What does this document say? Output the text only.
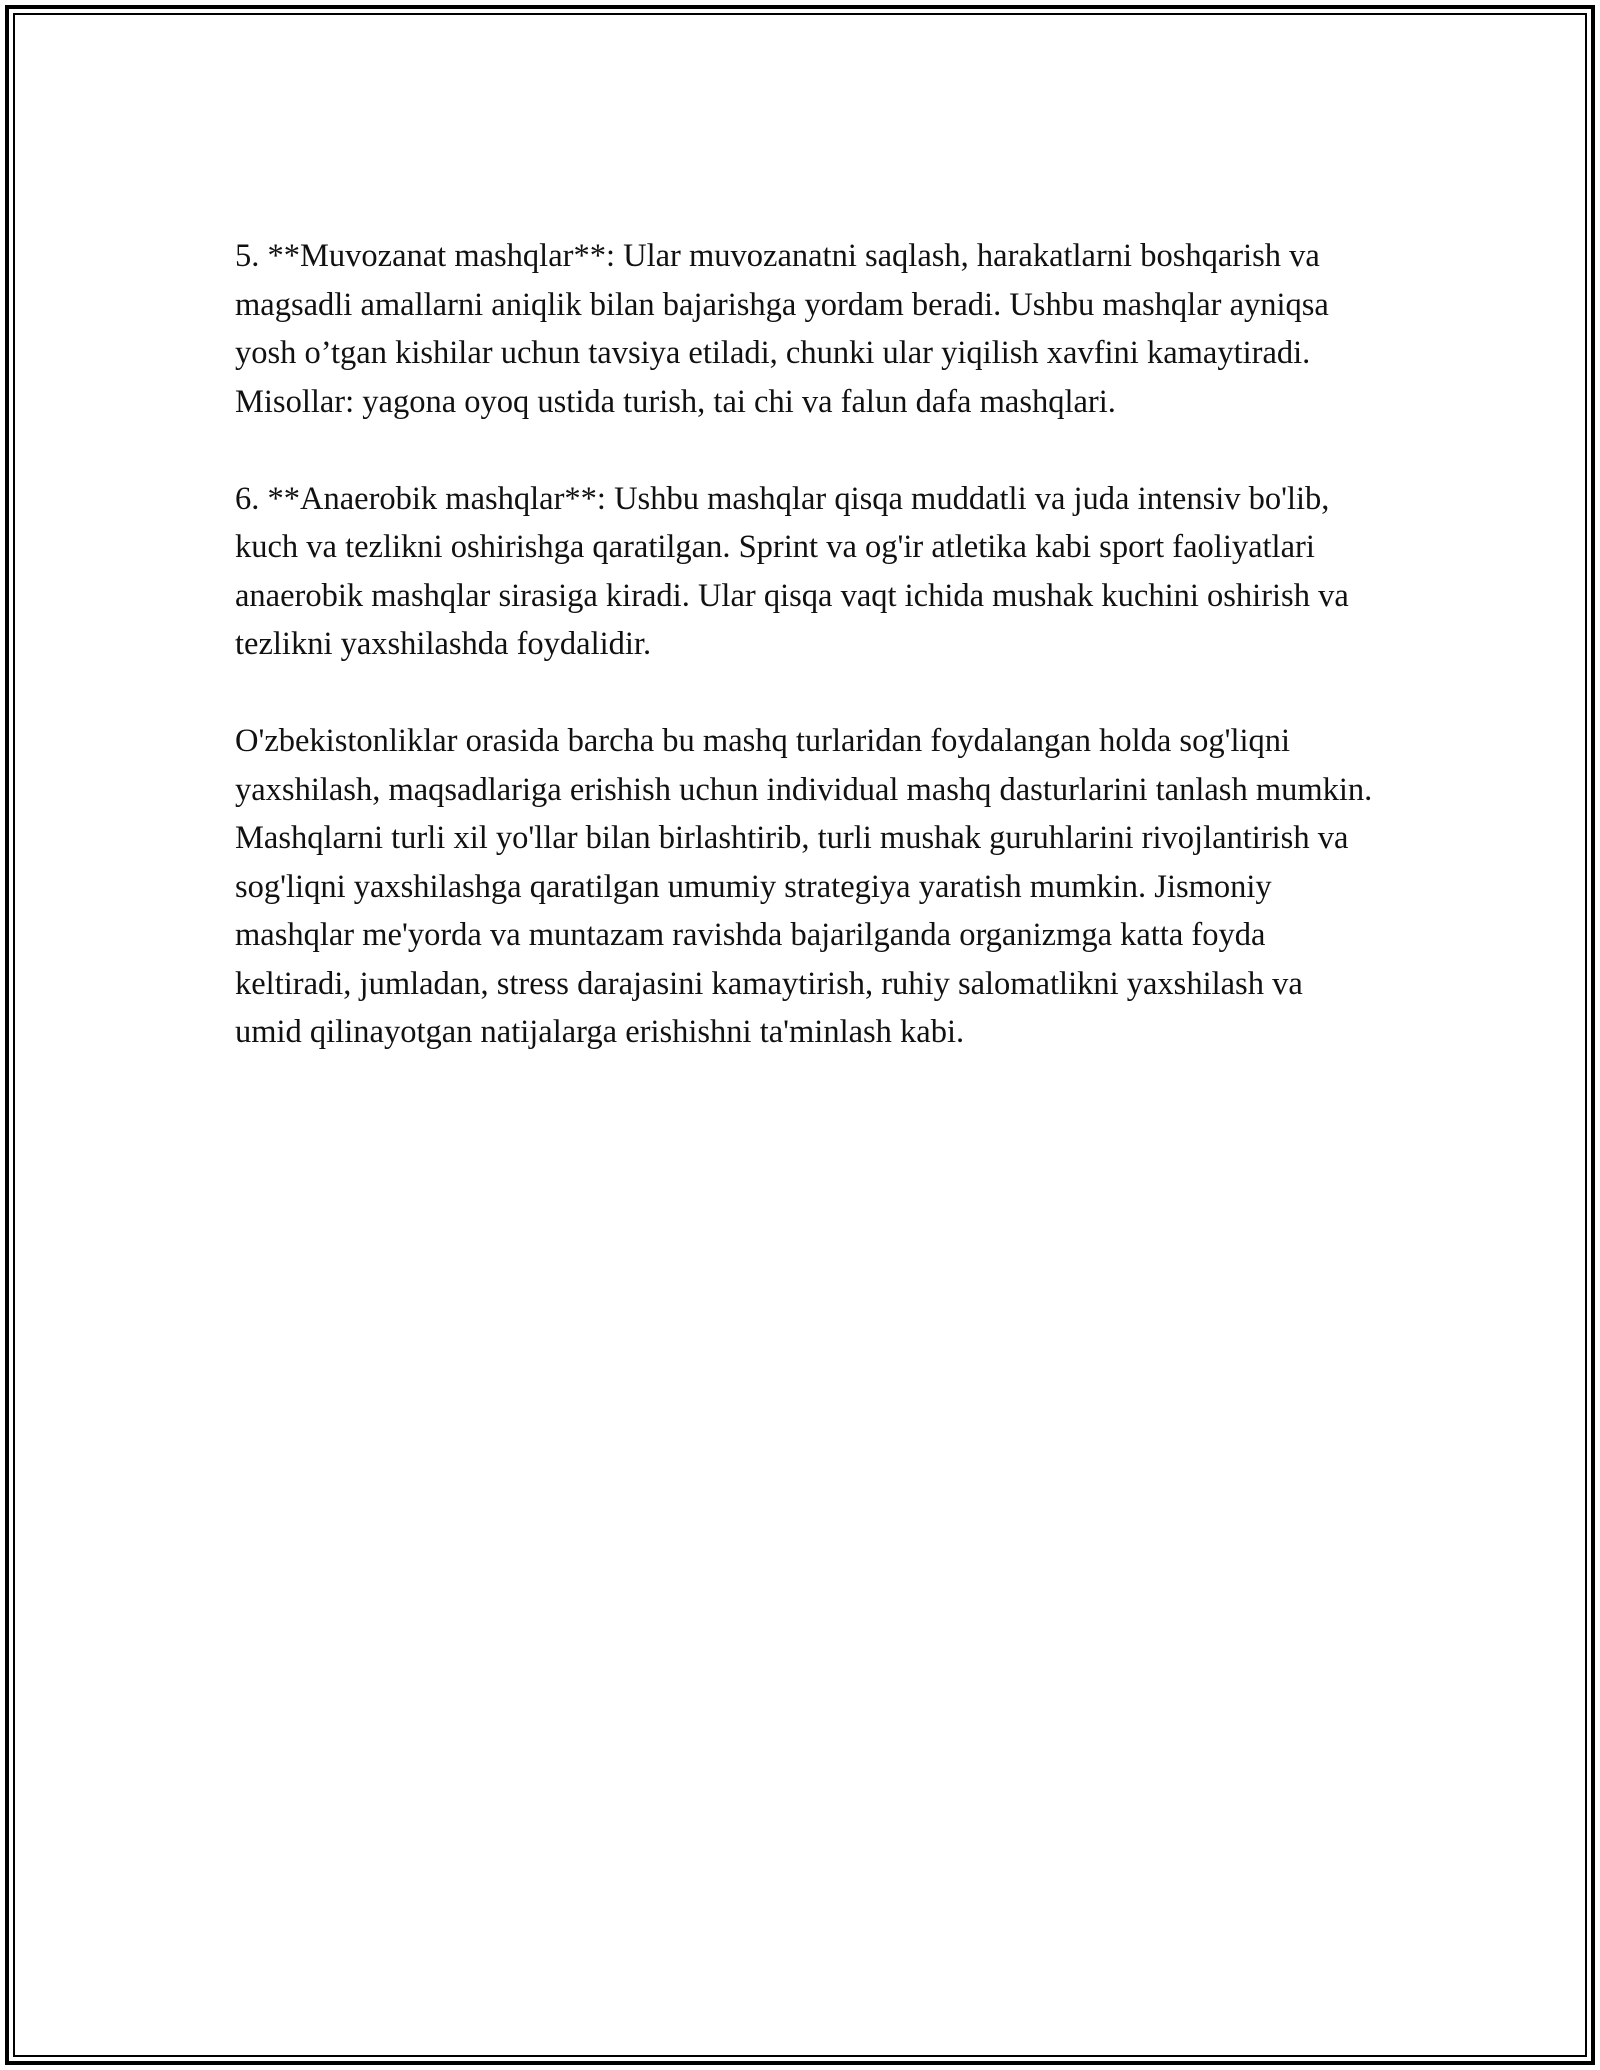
5. **Muvozanat mashqlar**: Ular muvozanatni saqlash, harakatlarni boshqarish va magsadli amallarni aniqlik bilan bajarishga yordam beradi. Ushbu mashqlar ayniqsa yosh o’tgan kishilar uchun tavsiya etiladi, chunki ular yiqilish xavfini kamaytiradi. Misollar: yagona oyoq ustida turish, tai chi va falun dafa mashqlari.

6. **Anaerobik mashqlar**: Ushbu mashqlar qisqa muddatli va juda intensiv bo'lib, kuch va tezlikni oshirishga qaratilgan. Sprint va og'ir atletika kabi sport faoliyatlari anaerobik mashqlar sirasiga kiradi. Ular qisqa vaqt ichida mushak kuchini oshirish va tezlikni yaxshilashda foydalidir.

O'zbekistonliklar orasida barcha bu mashq turlaridan foydalangan holda sog'liqni yaxshilash, maqsadlariga erishish uchun individual mashq dasturlarini tanlash mumkin. Mashqlarni turli xil yo'llar bilan birlashtirib, turli mushak guruhlarini rivojlantirish va sog'liqni yaxshilashga qaratilgan umumiy strategiya yaratish mumkin. Jismoniy mashqlar me'yorda va muntazam ravishda bajarilganda organizmga katta foyda keltiradi, jumladan, stress darajasini kamaytirish, ruhiy salomatlikni yaxshilash va umid qilinayotgan natijalarga erishishni ta'minlash kabi.
